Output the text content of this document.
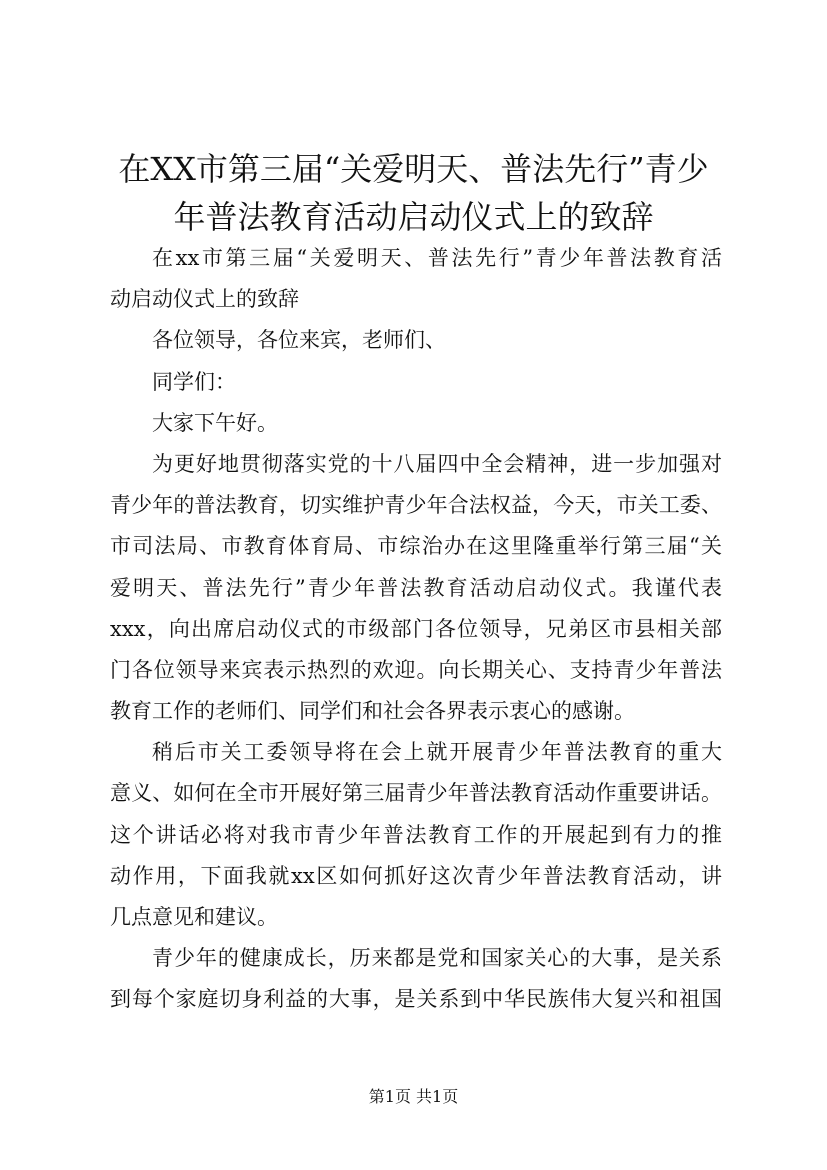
在XX市第三届“关爱明天、普法先行”青少
年普法教育活动启动仪式上的致辞
在xx市第三届“关爱明天、普法先行”青少年普法教育活
动启动仪式上的致辞
各位领导，各位来宾，老师们、
同学们：
大家下午好。
为更好地贯彻落实党的十八届四中全会精神，进一步加强对
青少年的普法教育，切实维护青少年合法权益，今天，市关工委、
市司法局、市教育体育局、市综治办在这里隆重举行第三届“关
爱明天、普法先行”青少年普法教育活动启动仪式。我谨代表
xxx，向出席启动仪式的市级部门各位领导，兄弟区市县相关部
门各位领导来宾表示热烈的欢迎。向长期关心、支持青少年普法
教育工作的老师们、同学们和社会各界表示衷心的感谢。
稍后市关工委领导将在会上就开展青少年普法教育的重大
意义、如何在全市开展好第三届青少年普法教育活动作重要讲话。
这个讲话必将对我市青少年普法教育工作的开展起到有力的推
动作用，下面我就xx区如何抓好这次青少年普法教育活动，讲
几点意见和建议。
青少年的健康成长，历来都是党和国家关心的大事，是关系
到每个家庭切身利益的大事，是关系到中华民族伟大复兴和祖国
第1页 共1页
